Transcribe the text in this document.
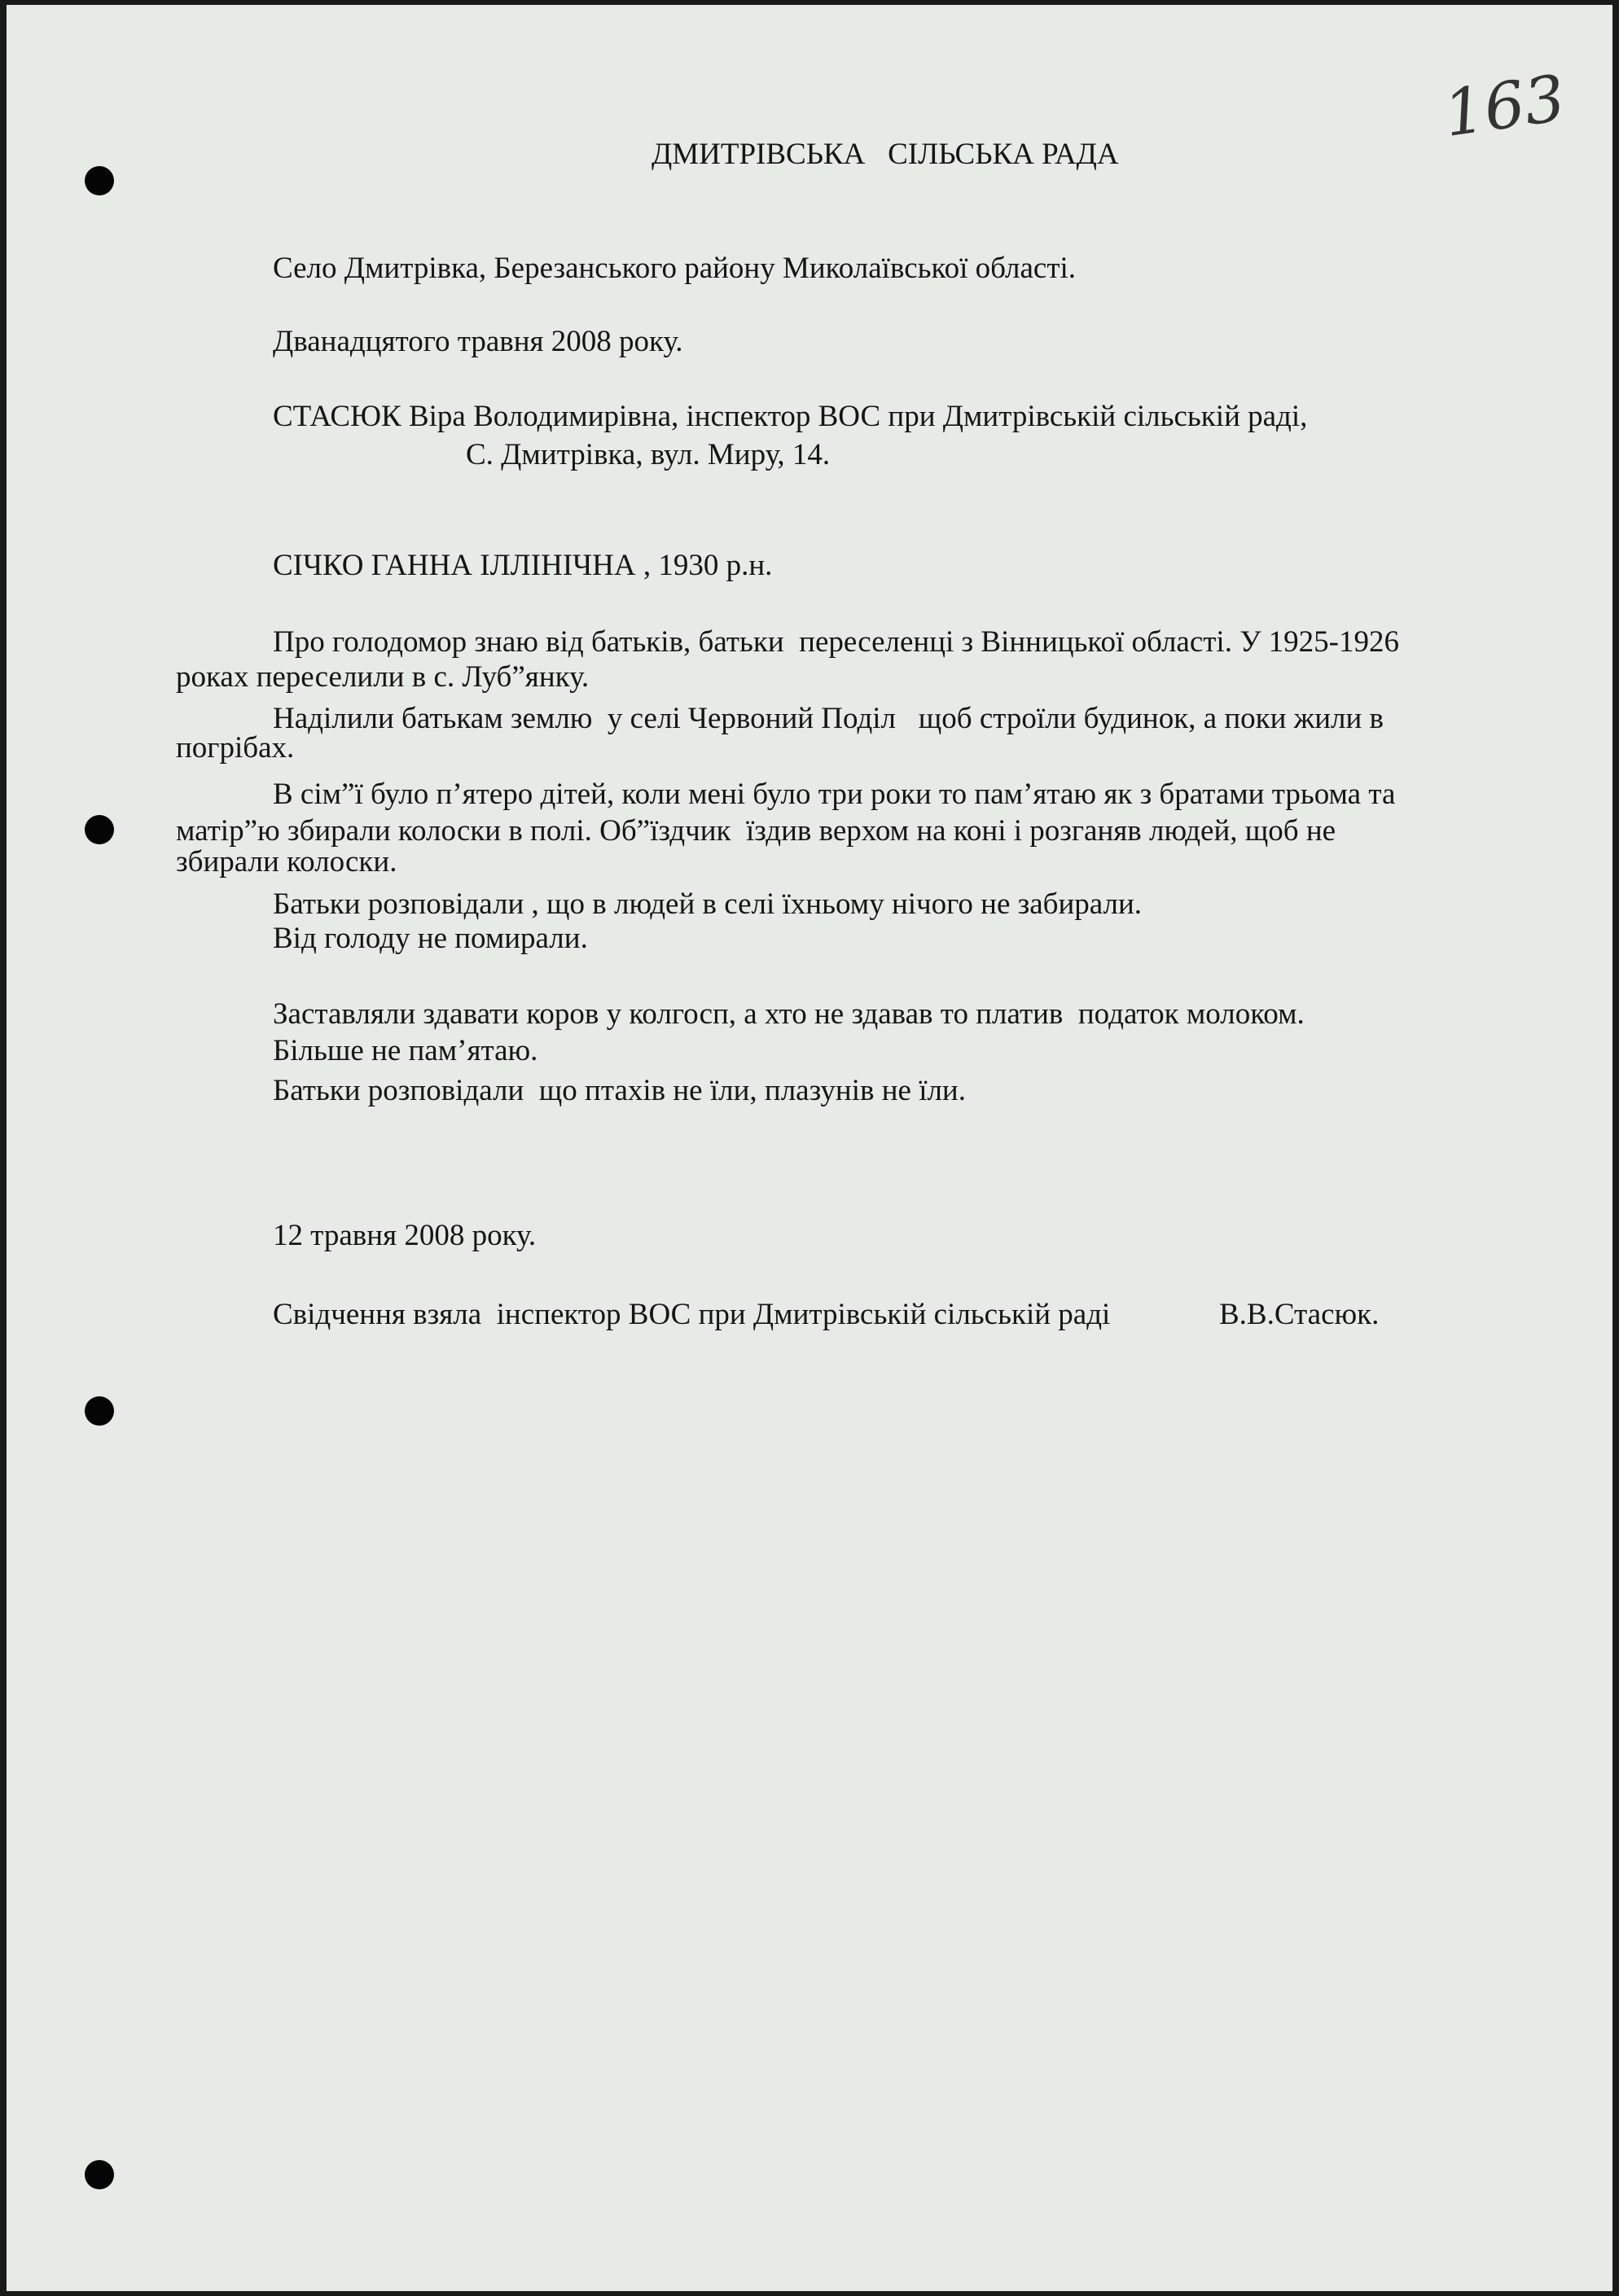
163
ДМИТРІВСЬКА   СІЛЬСЬКА РАДА
Село Дмитрівка, Березанського району Миколаївської області.
Дванадцятого травня 2008 року.
СТАСЮК Віра Володимирівна, інспектор ВОС при Дмитрівській сільській раді,
С. Дмитрівка, вул. Миру, 14.
СІЧКО ГАННА ІЛЛІНІЧНА , 1930 р.н.
Про голодомор знаю від батьків, батьки  переселенці з Вінницької області. У 1925-1926
роках переселили в с. Луб”янку.
Наділили батькам землю  у селі Червоний Поділ   щоб строїли будинок, а поки жили в
погрібах.
В сім”ї було п’ятеро дітей, коли мені було три роки то пам’ятаю як з братами трьома та
матір”ю збирали колоски в полі. Об”їздчик  їздив верхом на коні і розганяв людей, щоб не
збирали колоски.
Батьки розповідали , що в людей в селі їхньому нічого не забирали.
Від голоду не помирали.
Заставляли здавати коров у колгосп, а хто не здавав то платив  податок молоком.
Більше не пам’ятаю.
Батьки розповідали  що птахів не їли, плазунів не їли.
12 травня 2008 року.
Свідчення взяла  інспектор ВОС при Дмитрівській сільській раді	В.В.Стасюк.
